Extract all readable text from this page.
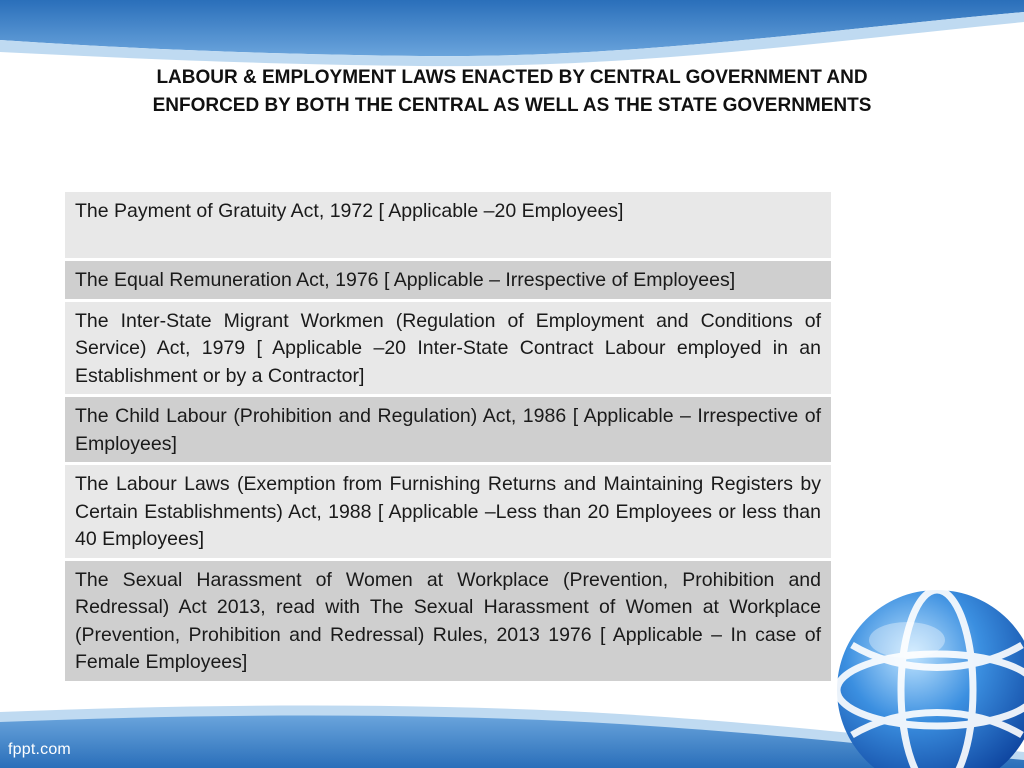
LABOUR & EMPLOYMENT LAWS ENACTED BY CENTRAL GOVERNMENT AND
ENFORCED BY BOTH THE CENTRAL AS WELL AS THE STATE GOVERNMENTS
The Payment of Gratuity Act, 1972 [ Applicable –20 Employees]
The Equal Remuneration Act, 1976 [ Applicable – Irrespective of Employees]
The Inter-State Migrant Workmen (Regulation of Employment and Conditions of Service) Act, 1979 [ Applicable –20 Inter-State Contract Labour employed in an Establishment or by a Contractor]
The Child Labour (Prohibition and Regulation) Act, 1986 [ Applicable – Irrespective of Employees]
The Labour Laws (Exemption from Furnishing Returns and Maintaining Registers by Certain Establishments) Act, 1988 [ Applicable –Less than 20 Employees or less than 40 Employees]
The Sexual Harassment of Women at Workplace (Prevention, Prohibition and Redressal) Act 2013, read with The Sexual Harassment of Women at Workplace (Prevention, Prohibition and Redressal) Rules, 2013 1976 [ Applicable – In case of Female Employees]
fppt.com
